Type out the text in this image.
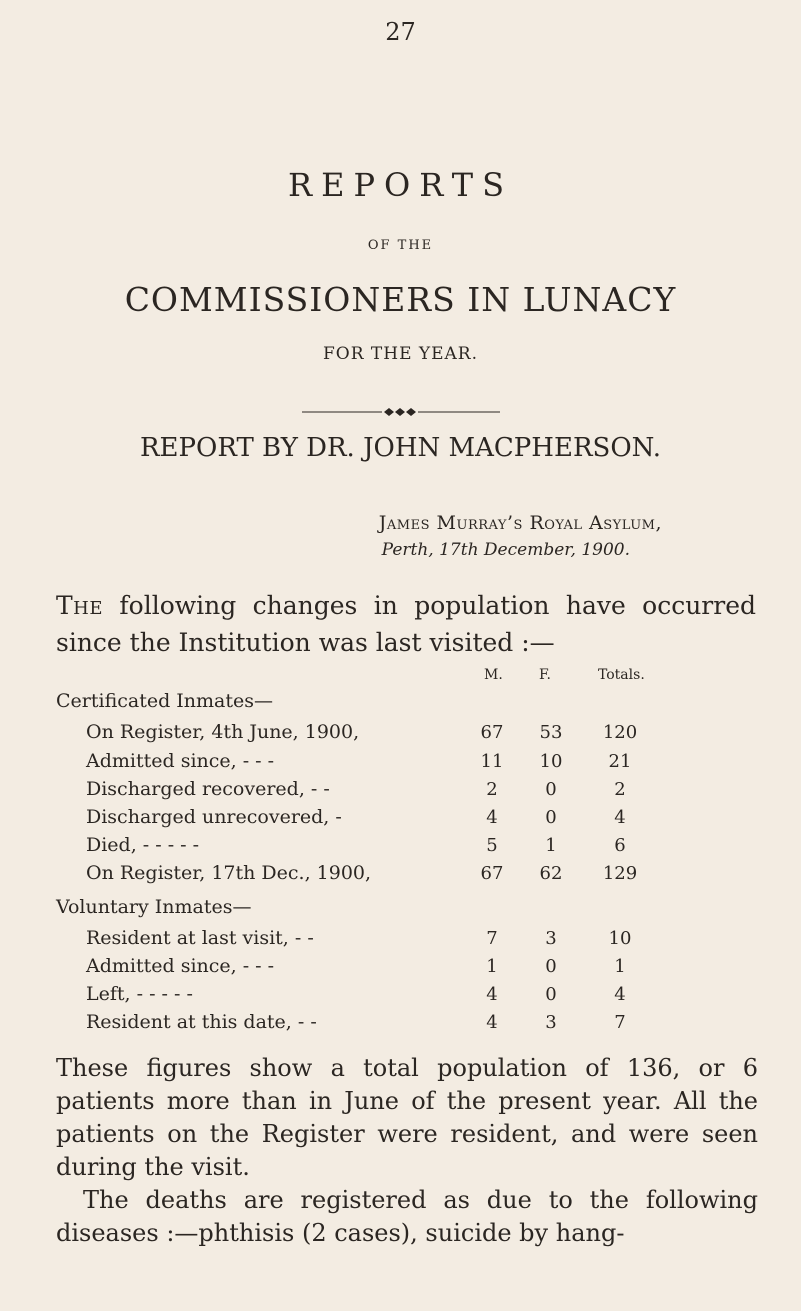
27
REPORTS
OF THE
COMMISSIONERS IN LUNACY
FOR THE YEAR.
REPORT BY DR. JOHN MACPHERSON.
James Murray’s Royal Asylum,
Perth, 17th December, 1900.
The following changes in population have occurred since the Institution was last visited :—
M.	F.	Totals.
Certificated Inmates—
On Register, 4th June, 1900,	67	53	120
Admitted since, - - -	11	10	21
Discharged recovered, - -	2	0	2
Discharged unrecovered, -	4	0	4
Died, - - - - -	5	1	6
On Register, 17th Dec., 1900,	67	62	129
Voluntary Inmates—
Resident at last visit, - -	7	3	10
Admitted since, - - -	1	0	1
Left, - - - - -	4	0	4
Resident at this date, - -	4	3	7
These figures show a total population of 136, or 6 patients more than in June of the present year. All the patients on the Register were resident, and were seen during the visit.
The deaths are registered as due to the following diseases :—phthisis (2 cases), suicide by hang-
